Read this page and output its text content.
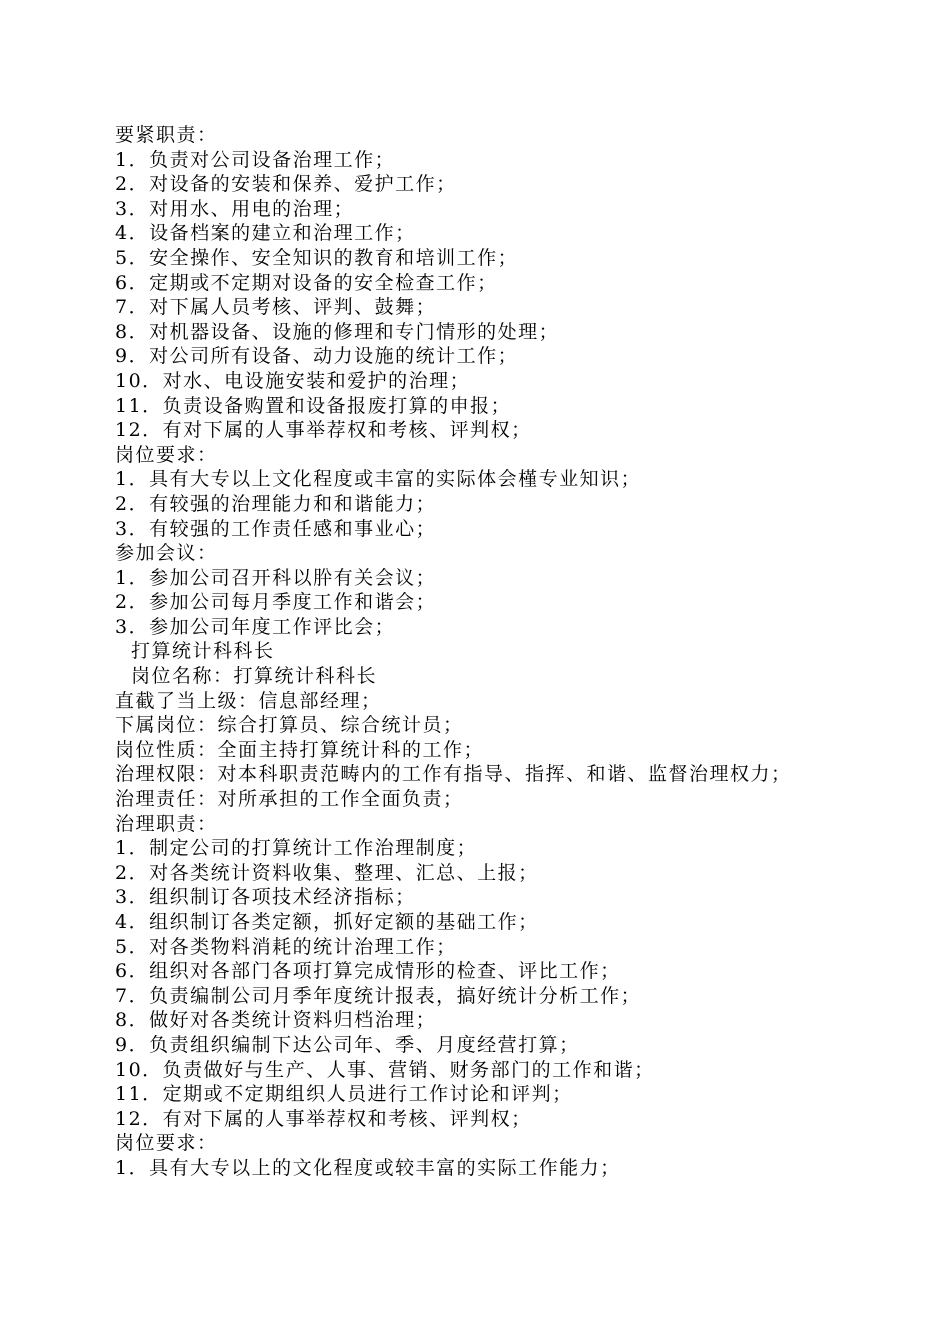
要紧职责：
1．负责对公司设备治理工作；
2．对设备的安装和保养、爱护工作；
3．对用水、用电的治理；
4．设备档案的建立和治理工作；
5．安全操作、安全知识的教育和培训工作；
6．定期或不定期对设备的安全检查工作；
7．对下属人员考核、评判、鼓舞；
8．对机器设备、设施的修理和专门情形的处理；
9．对公司所有设备、动力设施的统计工作；
10．对水、电设施安装和爱护的治理；
11．负责设备购置和设备报废打算的申报；
12．有对下属的人事举荐权和考核、评判权；
岗位要求：
1．具有大专以上文化程度或丰富的实际体会槿专业知识；
2．有较强的治理能力和和谐能力；
3．有较强的工作责任感和事业心；
参加会议：
1．参加公司召开科以肸有关会议；
2．参加公司每月季度工作和谐会；
3．参加公司年度工作评比会；
打算统计科科长
岗位名称：打算统计科科长
直截了当上级：信息部经理；
下属岗位：综合打算员、综合统计员；
岗位性质：全面主持打算统计科的工作；
治理权限：对本科职责范畴内的工作有指导、指挥、和谐、监督治理权力；
治理责任：对所承担的工作全面负责；
治理职责：
1．制定公司的打算统计工作治理制度；
2．对各类统计资料收集、整理、汇总、上报；
3．组织制订各项技术经济指标；
4．组织制订各类定额，抓好定额的基础工作；
5．对各类物料消耗的统计治理工作；
6．组织对各部门各项打算完成情形的检查、评比工作；
7．负责编制公司月季年度统计报表，搞好统计分析工作；
8．做好对各类统计资料归档治理；
9．负责组织编制下达公司年、季、月度经营打算；
10．负责做好与生产、人事、营销、财务部门的工作和谐；
11．定期或不定期组织人员进行工作讨论和评判；
12．有对下属的人事举荐权和考核、评判权；
岗位要求：
1．具有大专以上的文化程度或较丰富的实际工作能力；
